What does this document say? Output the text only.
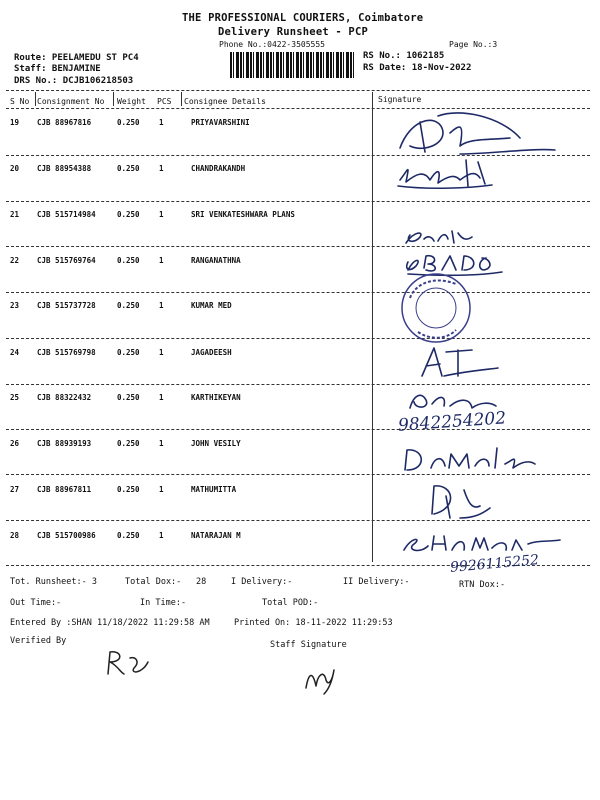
THE PROFESSIONAL COURIERS, Coimbatore
Delivery Runsheet - PCP
Phone No.:0422-3505555	Page No.:3
Route: PEELAMEDU ST PC4
Staff: BENJAMINE
DRS No.: DCJB106218503
RS No.: 1062185
RS Date: 18-Nov-2022
S No Consignment No Weight PCS Consignee Details	Signature
19 CJB 88967816	0.250	1	PRIYAVARSHINI
20 CJB 88954388	0.250	1	CHANDRAKANDH
21 CJB 515714984	0.250	1	SRI VENKATESHWARA PLANS
22 CJB 515769764	0.250	1	RANGANATHNA
23 CJB 515737728	0.250	1	KUMAR MED
24 CJB 515769798	0.250	1	JAGADEESH
25 CJB 88322432	0.250	1	KARTHIKEYAN
26 CJB 88939193	0.250	1	JOHN VESILY
27 CJB 88967811	0.250	1	MATHUMITTA
28 CJB 515700986	0.250	1	NATARAJAN M
9842254202
9926115252
Tot. Runsheet:- 3	Total Dox:- 28	I Delivery:-	II Delivery:-	RTN Dox:-
Out Time:-	In Time:-	Total POD:-
Entered By :SHAN 11/18/2022 11:29:58 AM	Printed On: 18-11-2022 11:29:53
Verified By	Staff Signature
